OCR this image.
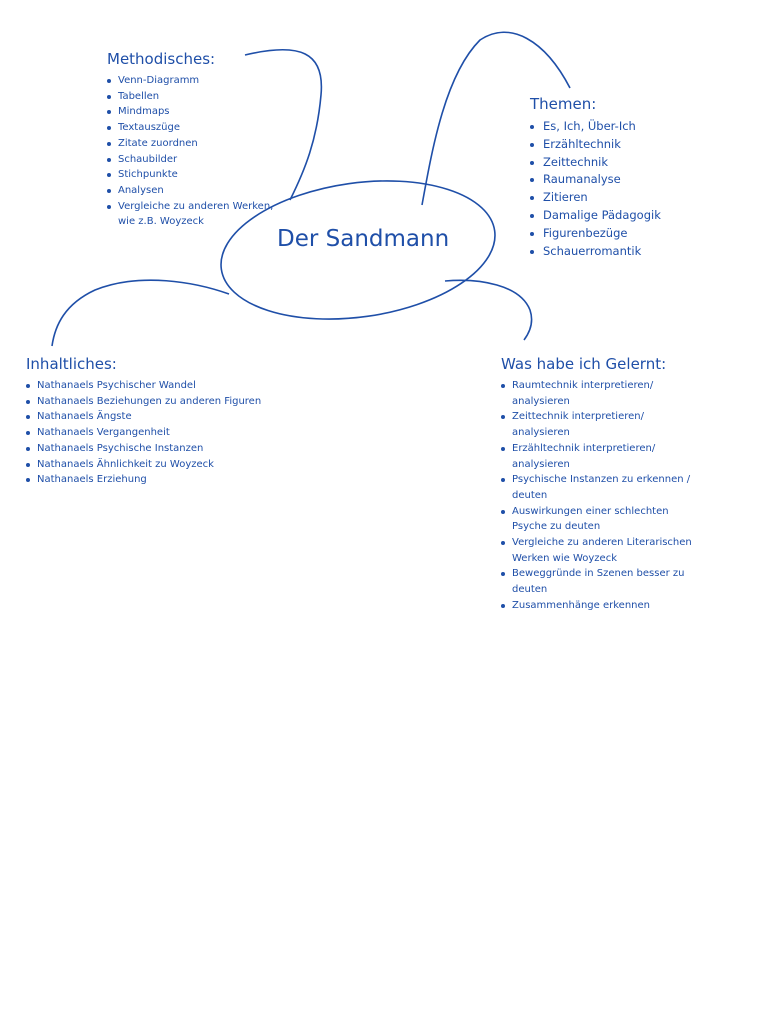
Der Sandmann
Methodisches:
Venn-Diagramm
Tabellen
Mindmaps
Textauszüge
Zitate zuordnen
Schaubilder
Stichpunkte
Analysen
Vergleiche zu anderen Werken, wie z.B. Woyzeck
Themen:
Es, Ich, Über-Ich
Erzähltechnik
Zeittechnik
Raumanalyse
Zitieren
Damalige Pädagogik
Figurenbezüge
Schauerromantik
Inhaltliches:
Nathanaels Psychischer Wandel
Nathanaels Beziehungen zu anderen Figuren
Nathanaels Ängste
Nathanaels Vergangenheit
Nathanaels Psychische Instanzen
Nathanaels Ähnlichkeit zu Woyzeck
Nathanaels Erziehung
Was habe ich Gelernt:
Raumtechnik interpretieren/ analysieren
Zeittechnik interpretieren/ analysieren
Erzähltechnik interpretieren/ analysieren
Psychische Instanzen zu erkennen / deuten
Auswirkungen einer schlechten Psyche zu deuten
Vergleiche zu anderen Literarischen Werken wie Woyzeck
Beweggründe in Szenen besser zu deuten
Zusammenhänge erkennen
